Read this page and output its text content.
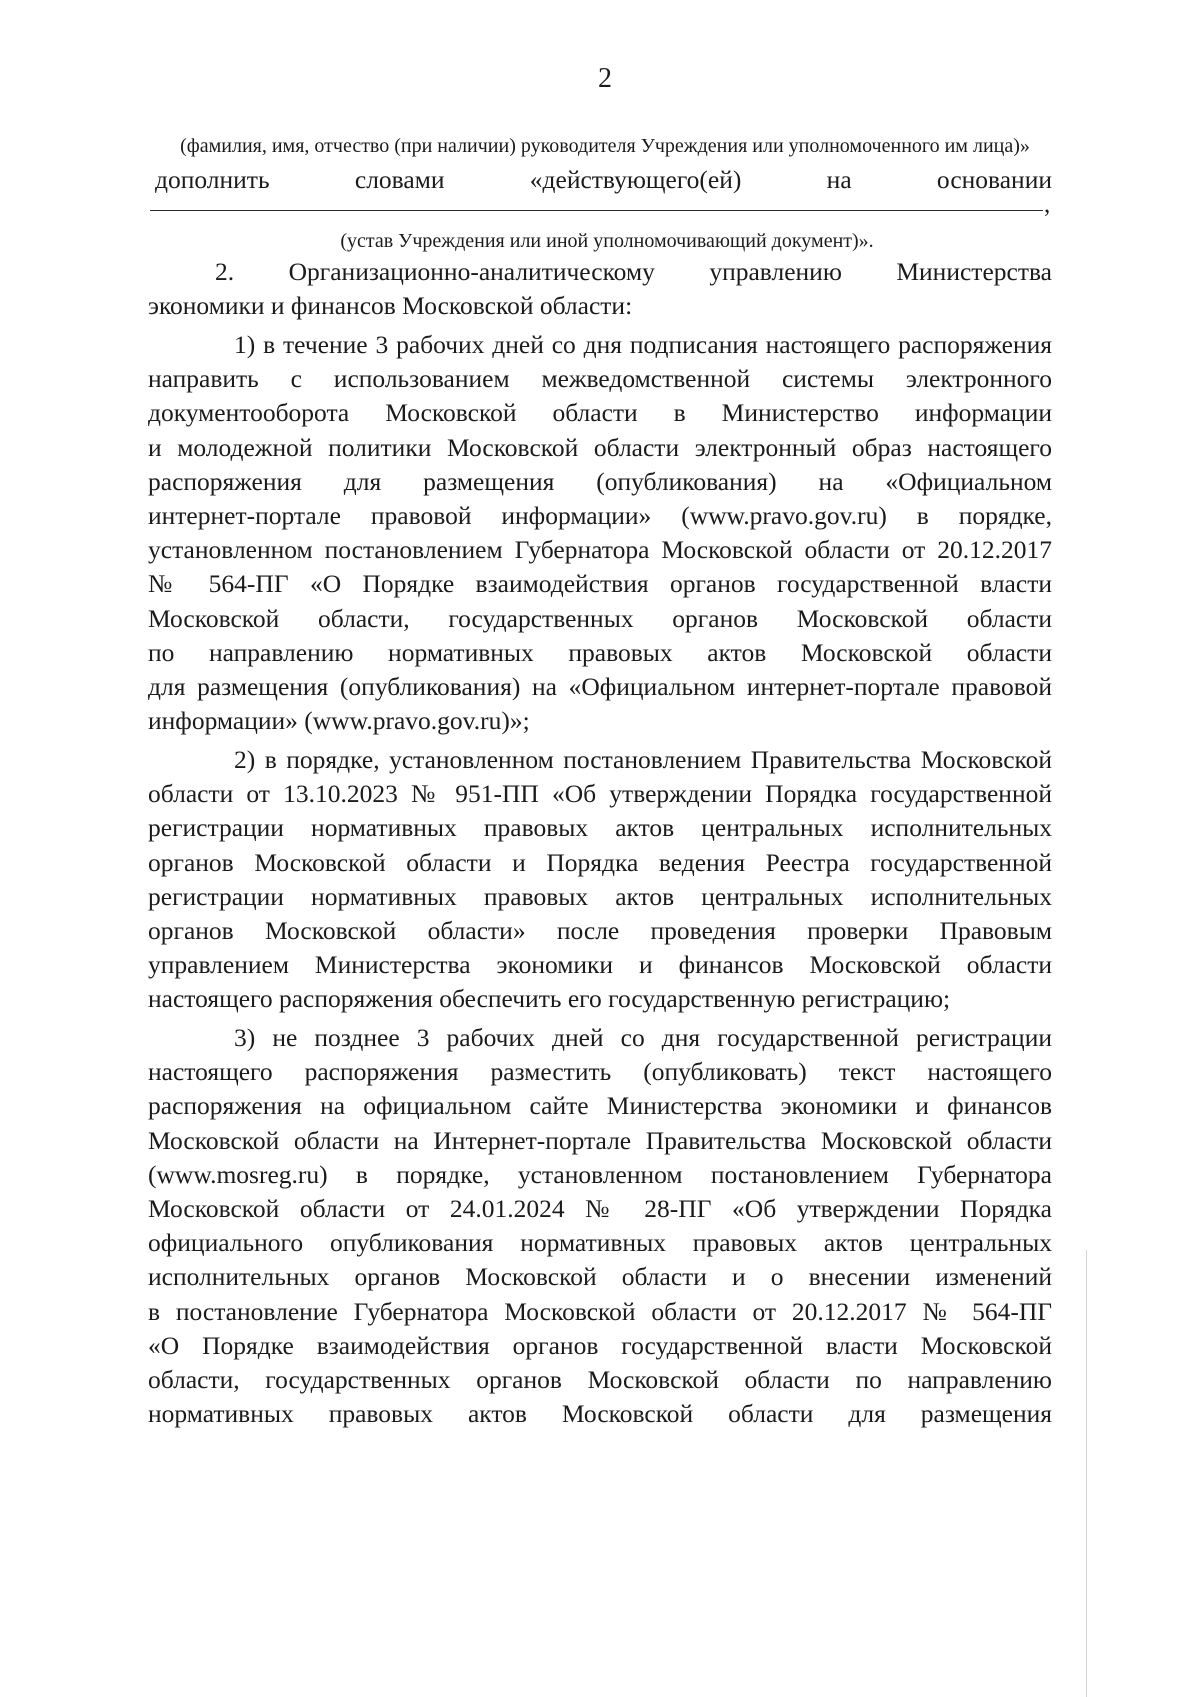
2
(фамилия, имя, отчество (при наличии) руководителя Учреждения или уполномоченного им лица)»
дополнить словами «действующего(ей) на основании
,
(устав Учреждения или иной уполномочивающий документ)».
2. Организационно-аналитическому управлению Министерства
экономики и финансов Московской области:
1) в течение 3 рабочих дней со дня подписания настоящего распоряжения
направить с использованием межведомственной системы электронного
документооборота Московской области в Министерство информации
и молодежной политики Московской области электронный образ настоящего
распоряжения для размещения (опубликования) на «Официальном
интернет-портале правовой информации» (www.pravo.gov.ru) в порядке,
установленном постановлением Губернатора Московской области от 20.12.2017
№ 564-ПГ «О Порядке взаимодействия органов государственной власти
Московской области, государственных органов Московской области
по направлению нормативных правовых актов Московской области
для размещения (опубликования) на «Официальном интернет-портале правовой
информации» (www.pravo.gov.ru)»;
2) в порядке, установленном постановлением Правительства Московской
области от 13.10.2023 № 951-ПП «Об утверждении Порядка государственной
регистрации нормативных правовых актов центральных исполнительных
органов Московской области и Порядка ведения Реестра государственной
регистрации нормативных правовых актов центральных исполнительных
органов Московской области» после проведения проверки Правовым
управлением Министерства экономики и финансов Московской области
настоящего распоряжения обеспечить его государственную регистрацию;
3) не позднее 3 рабочих дней со дня государственной регистрации
настоящего распоряжения разместить (опубликовать) текст настоящего
распоряжения на официальном сайте Министерства экономики и финансов
Московской области на Интернет-портале Правительства Московской области
(www.mosreg.ru) в порядке, установленном постановлением Губернатора
Московской области от 24.01.2024 № 28-ПГ «Об утверждении Порядка
официального опубликования нормативных правовых актов центральных
исполнительных органов Московской области и о внесении изменений
в постановление Губернатора Московской области от 20.12.2017 № 564-ПГ
«О Порядке взаимодействия органов государственной власти Московской
области, государственных органов Московской области по направлению
нормативных правовых актов Московской области для размещения
